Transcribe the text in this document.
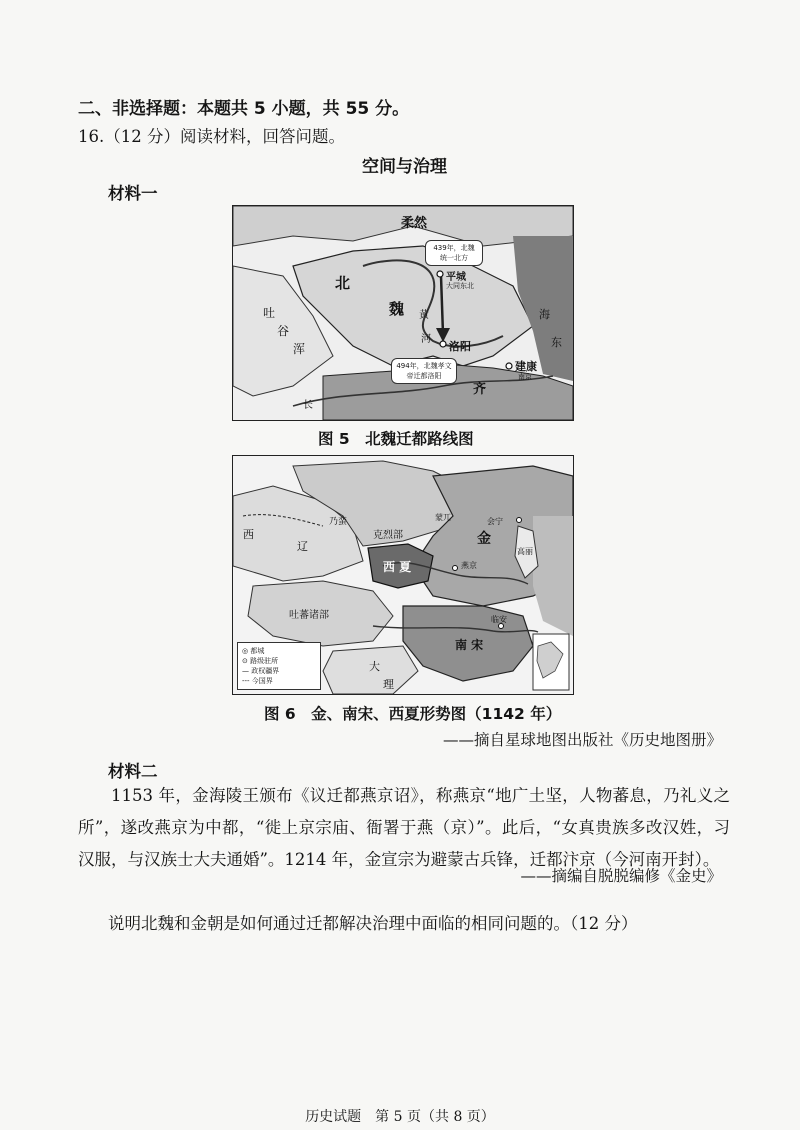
二、非选择题：本题共 5 小题，共 55 分。
16.（12 分）阅读材料，回答问题。
空间与治理
材料一
柔然
北
魏
吐
谷
浑
439年，北魏统一北方
平城
大同东北
黄
河
洛阳
494年，北魏孝文帝迁都洛阳
齐
建康
南京
海
东
长
图 5　北魏迁都路线图
西
辽
乃蛮
克烈部
蒙兀
金
会宁
西 夏	燕京
高丽
吐蕃诸部
南 宋
临安
大
理
◎ 都城
⊙ 路级驻所
— 政权疆界
--- 今国界
图 6　金、南宋、西夏形势图（1142 年）
——摘自星球地图出版社《历史地图册》
材料二
1153 年，金海陵王颁布《议迁都燕京诏》，称燕京“地广土坚，人物蕃息，乃礼义之所”，遂改燕京为中都，“徙上京宗庙、衙署于燕（京）”。此后，“女真贵族多改汉姓，习汉服，与汉族士大夫通婚”。1214 年，金宣宗为避蒙古兵锋，迁都汴京（今河南开封）。
——摘编自脱脱编修《金史》
说明北魏和金朝是如何通过迁都解决治理中面临的相同问题的。（12 分）
历史试题　第 5 页（共 8 页）
